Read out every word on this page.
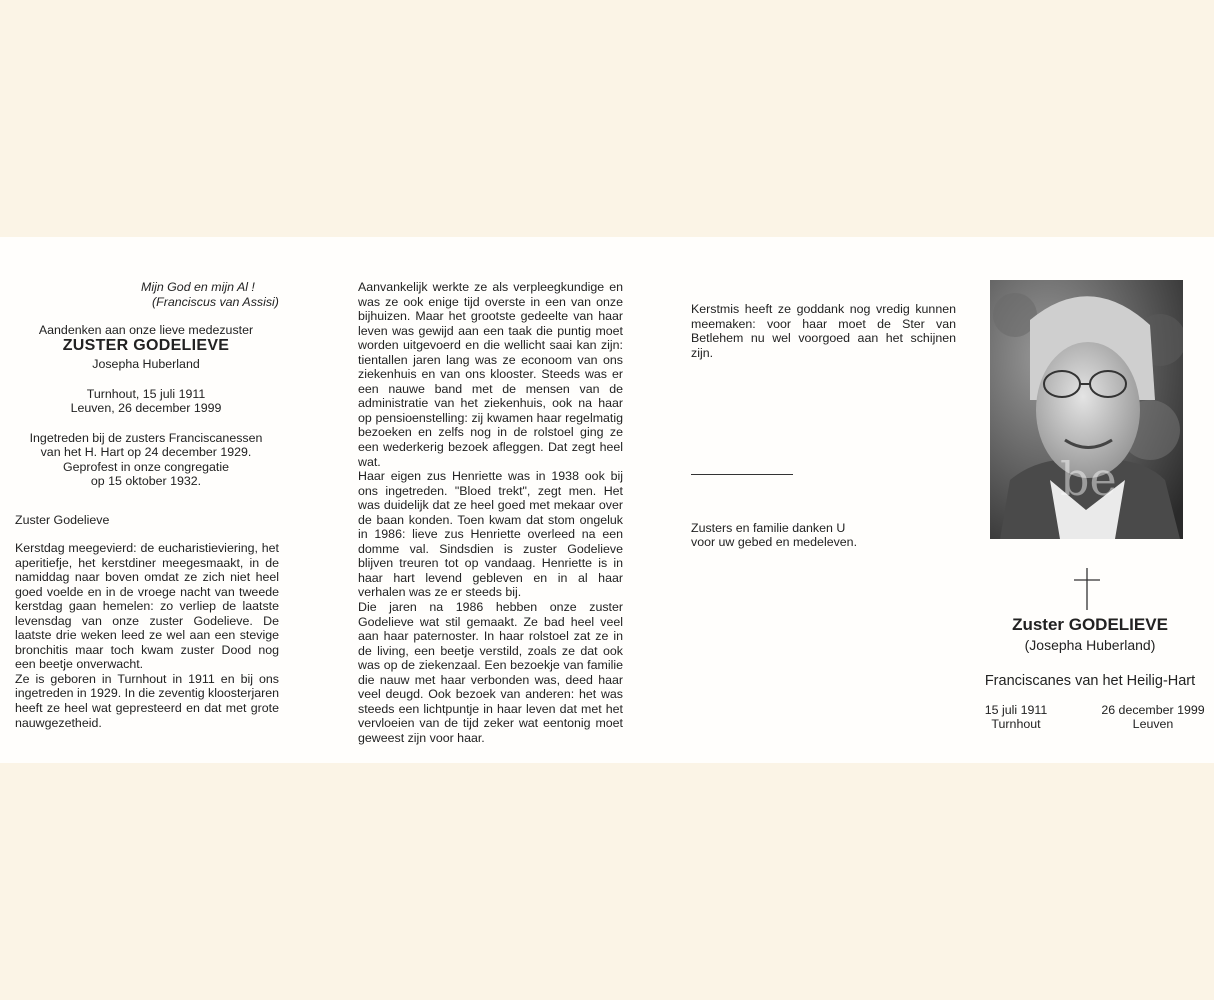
Mijn God en mijn Al !

(Franciscus van Assisi)

Aandenken aan onze lieve medezuster

ZUSTER GODELIEVE

Josepha Huberland

Turnhout, 15 juli 1911

Leuven, 26 december 1999

Ingetreden bij de zusters Franciscanessen

van het H. Hart op 24 december 1929.

Geprofest in onze congregatie

op 15 oktober 1932.

Zuster Godelieve

Kerstdag meegevierd: de eucharistieviering, het aperitiefje, het kerstdiner meegesmaakt, in de namiddag naar boven omdat ze zich niet heel goed voelde en in de vroege nacht van tweede kerstdag gaan hemelen: zo verliep de laatste levensdag van onze zuster Godelieve. De laatste drie weken leed ze wel aan een stevige bronchitis maar toch kwam zuster Dood nog een beetje onverwacht.
Ze is geboren in Turnhout in 1911 en bij ons ingetreden in 1929. In die zeventig kloosterjaren heeft ze heel wat gepresteerd en dat met grote nauwgezetheid.

Aanvankelijk werkte ze als verpleegkundige en was ze ook enige tijd overste in een van onze bijhuizen. Maar het grootste gedeelte van haar leven was gewijd aan een taak die puntig moet worden uitgevoerd en die wellicht saai kan zijn: tientallen jaren lang was ze econoom van ons ziekenhuis en van ons klooster. Steeds was er een nauwe band met de mensen van de administratie van het ziekenhuis, ook na haar op pensioenstelling: zij kwamen haar regelmatig bezoeken en zelfs nog in de rolstoel ging ze een wederkerig bezoek afleggen. Dat zegt heel wat.
Haar eigen zus Henriette was in 1938 ook bij ons ingetreden. "Bloed trekt", zegt men. Het was duidelijk dat ze heel goed met mekaar over de baan konden. Toen kwam dat stom ongeluk in 1986: lieve zus Henriette overleed na een domme val. Sindsdien is zuster Godelieve blijven treuren tot op vandaag. Henriette is in haar hart levend gebleven en in al haar verhalen was ze er steeds bij.
Die jaren na 1986 hebben onze zuster Godelieve wat stil gemaakt. Ze bad heel veel aan haar paternoster. In haar rolstoel zat ze in de living, een beetje verstild, zoals ze dat ook was op de ziekenzaal. Een bezoekje van familie die nauw met haar verbonden was, deed haar veel deugd. Ook bezoek van anderen: het was steeds een lichtpuntje in haar leven dat met het vervloeien van de tijd zeker wat eentonig moet geweest zijn voor haar.

Kerstmis heeft ze goddank nog vredig kunnen meemaken: voor haar moet de Ster van Betlehem nu wel voorgoed aan het schijnen zijn.

Zusters en familie danken U

voor uw gebed en medeleven.

be

Zuster GODELIEVE

(Josepha Huberland)

Franciscanes van het Heilig-Hart

15 juli 1911

Turnhout

26 december 1999

Leuven
